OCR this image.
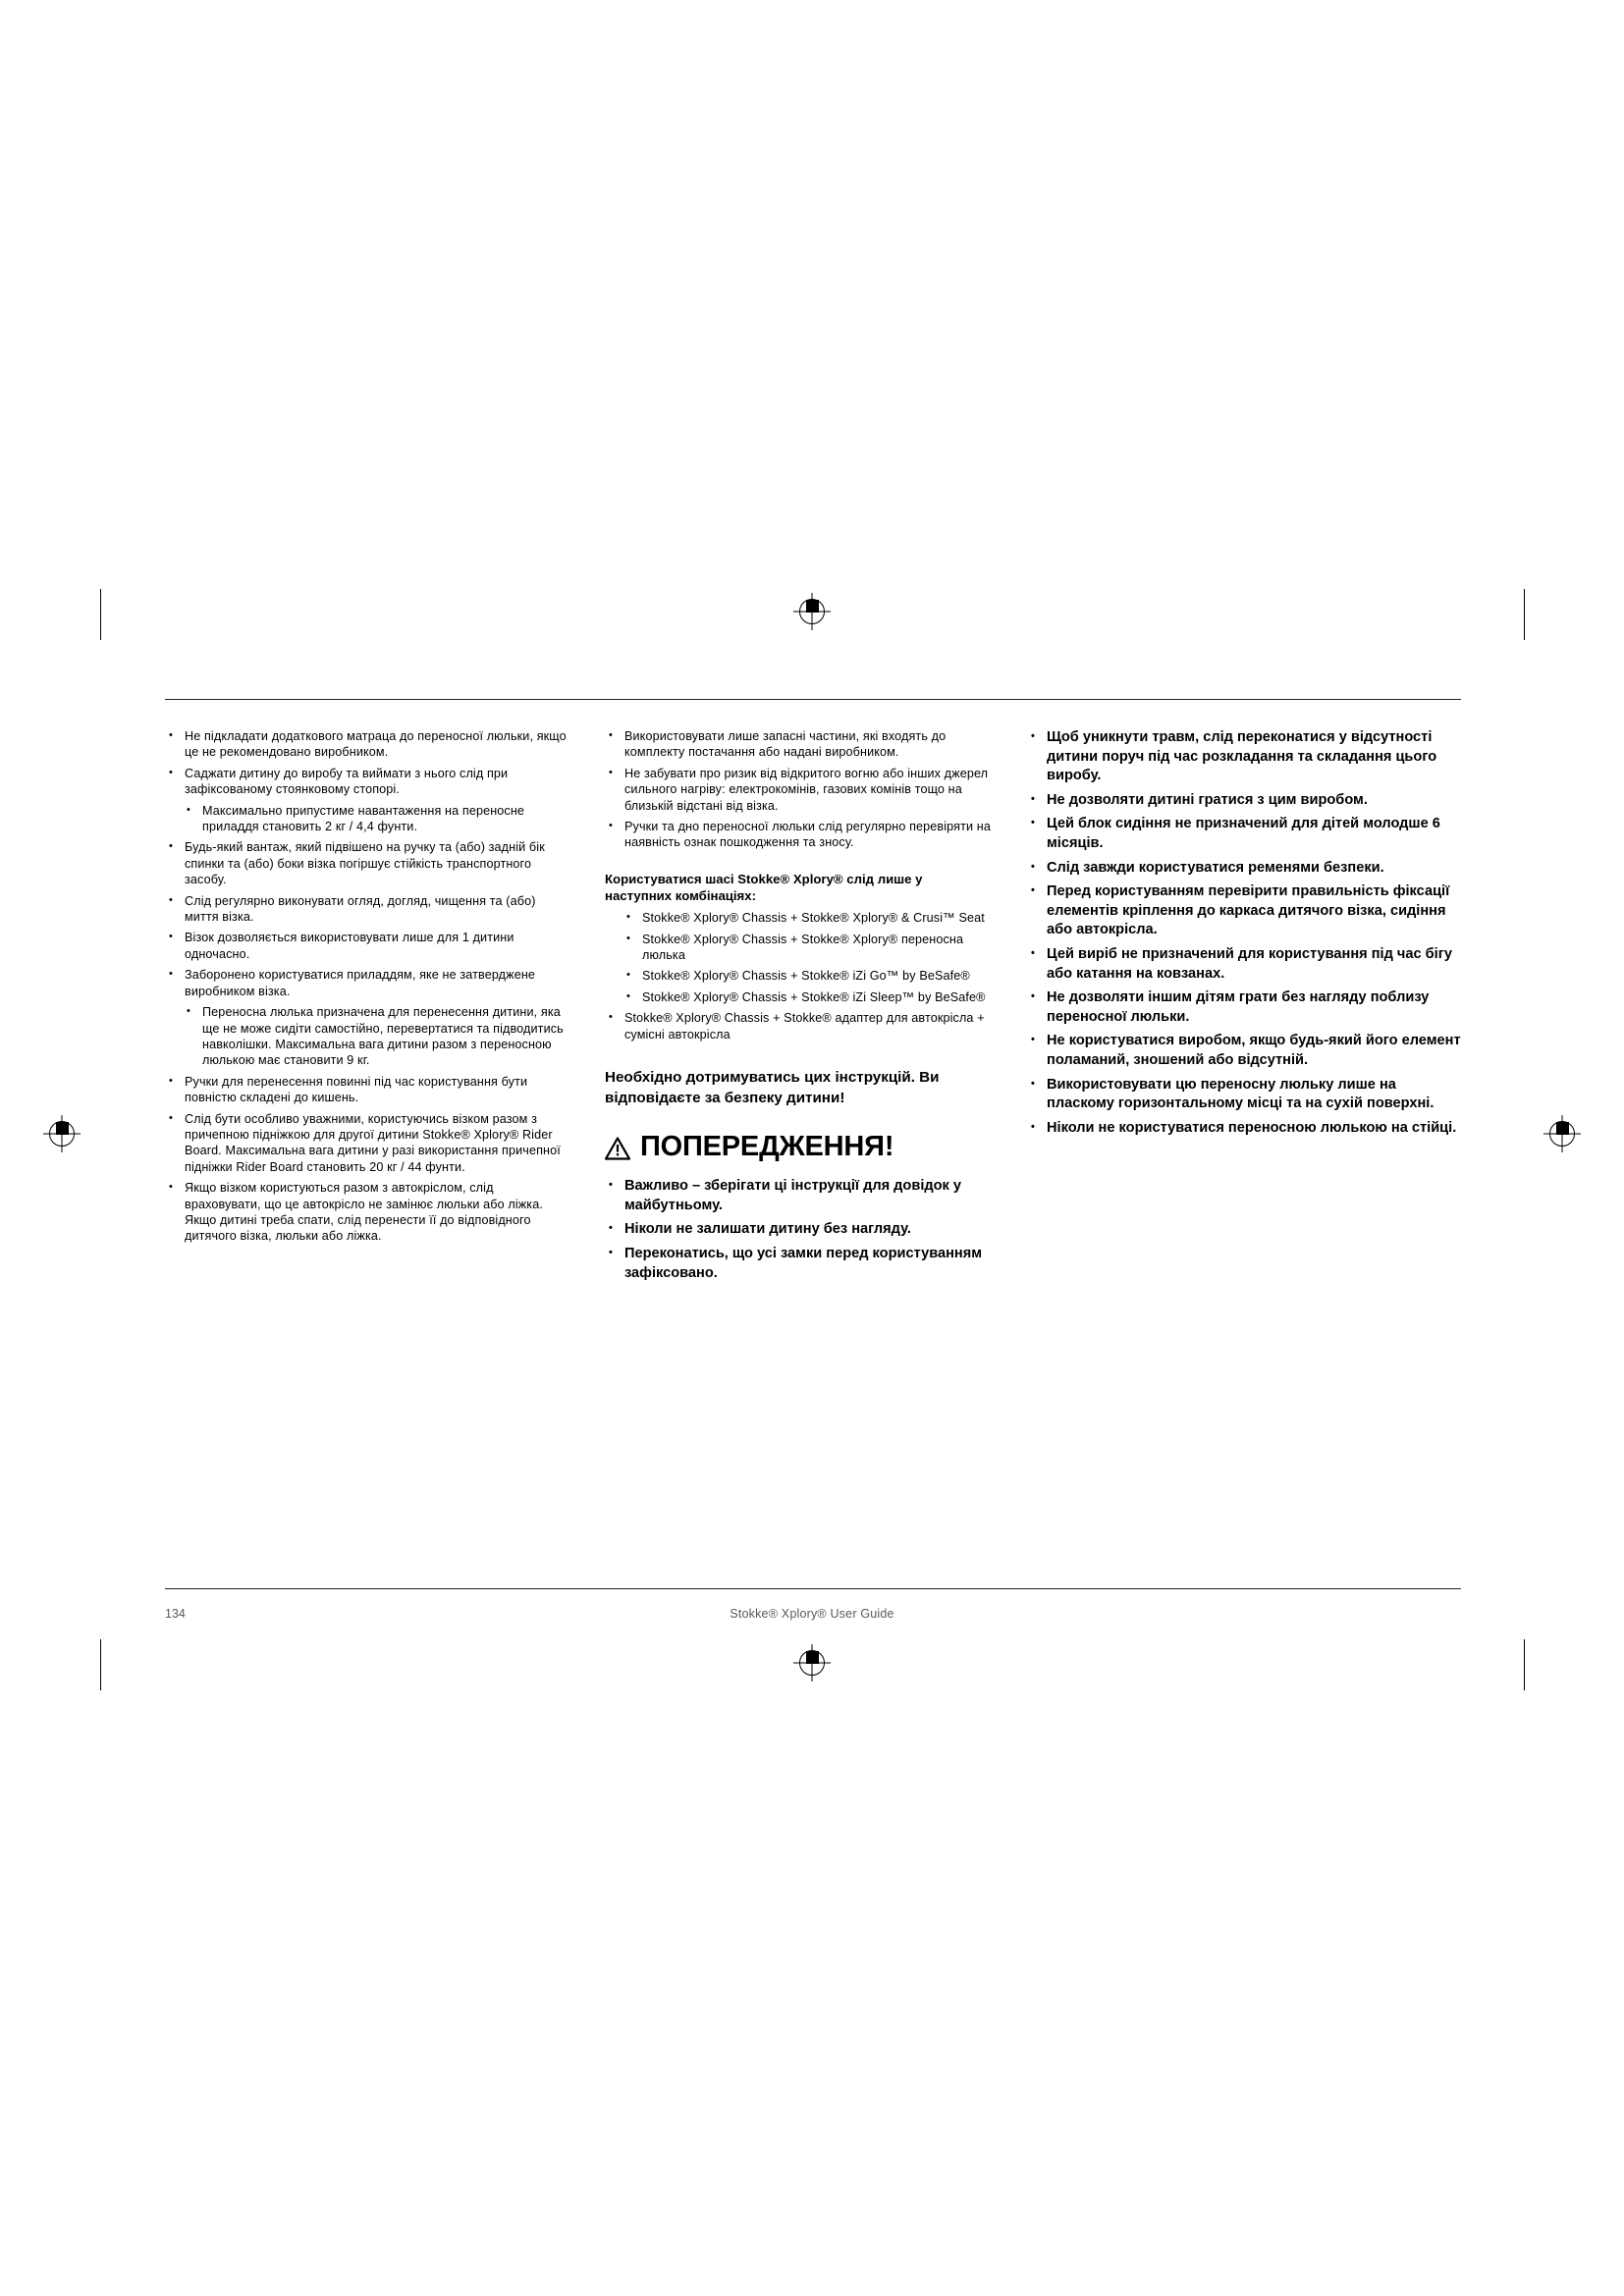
• Не підкладати додаткового матраца до переносної люльки, якщо це не рекомендовано виробником.
• Саджати дитину до виробу та виймати з нього слід при зафіксованому стоянковому стопорі.
• Максимально припустиме навантаження на переносне приладдя становить 2 кг / 4,4 фунти.
• Будь-який вантаж, який підвішено на ручку та (або) задній бік спинки та (або) боки візка погіршує стійкість транспортного засобу.
• Слід регулярно виконувати огляд, догляд, чищення та (або) миття візка.
• Візок дозволяється використовувати лише для 1 дитини одночасно.
• Заборонено користуватися приладдям, яке не затверджене виробником візка.
• Переносна люлька призначена для перенесення дитини, яка ще не може сидіти самостійно, перевертатися та підводитись навколішки. Максимальна вага дитини разом з переносною люлькою має становити 9 кг.
• Ручки для перенесення повинні під час користування бути повністю складені до кишень.
• Слід бути особливо уважними, користуючись візком разом з причепною підніжкою для другої дитини Stokke® Xplory® Rider Board. Максимальна вага дитини у разі використання причепної підніжки Rider Board становить 20 кг / 44 фунти.
• Якщо візком користуються разом з автокріслом, слід враховувати, що це автокрісло не замінює люльки або ліжка. Якщо дитині треба спати, слід перенести її до відповідного дитячого візка, люльки або ліжка.
• Використовувати лише запасні частини, які входять до комплекту постачання або надані виробником.
• Не забувати про ризик від відкритого вогню або інших джерел сильного нагріву: електрокомінів, газових комінів тощо на близькій відстані від візка.
• Ручки та дно переносної люльки слід регулярно перевіряти на наявність ознак пошкодження та зносу.
Користуватися шасі Stokke® Xplory® слід лише у наступних комбінаціях:
• Stokke® Xplory® Chassis + Stokke® Xplory® & Crusi™ Seat
• Stokke® Xplory® Chassis + Stokke® Xplory® переносна люлька
• Stokke® Xplory® Chassis + Stokke® iZi Go™ by BeSafe®
• Stokke® Xplory® Chassis + Stokke® iZi Sleep™ by BeSafe®
• Stokke® Xplory® Chassis + Stokke® адаптер для автокрісла + сумісні автокрісла
Необхідно дотримуватись цих інструкцій. Ви відповідаєте за безпеку дитини!
ПОПЕРЕДЖЕННЯ!
• Важливо – зберігати ці інструкції для довідок у майбутньому.
• Ніколи не залишати дитину без нагляду.
• Переконатись, що усі замки перед користуванням зафіксовано.
• Щоб уникнути травм, слід переконатися у відсутності дитини поруч під час розкладання та складання цього виробу.
• Не дозволяти дитині гратися з цим виробом.
• Цей блок сидіння не призначений для дітей молодше 6 місяців.
• Слід завжди користуватися ременями безпеки.
• Перед користуванням перевірити правильність фіксації елементів кріплення до каркаса дитячого візка, сидіння або автокрісла.
• Цей виріб не призначений для користування під час бігу або катання на ковзанах.
• Не дозволяти іншим дітям грати без нагляду поблизу переносної люльки.
• Не користуватися виробом, якщо будь-який його елемент поламаний, зношений або відсутній.
• Використовувати цю переносну люльку лише на пласкому горизонтальному місці та на сухій поверхні.
• Ніколи не користуватися переносною люлькою на стійці.
134	Stokke® Xplory® User Guide
